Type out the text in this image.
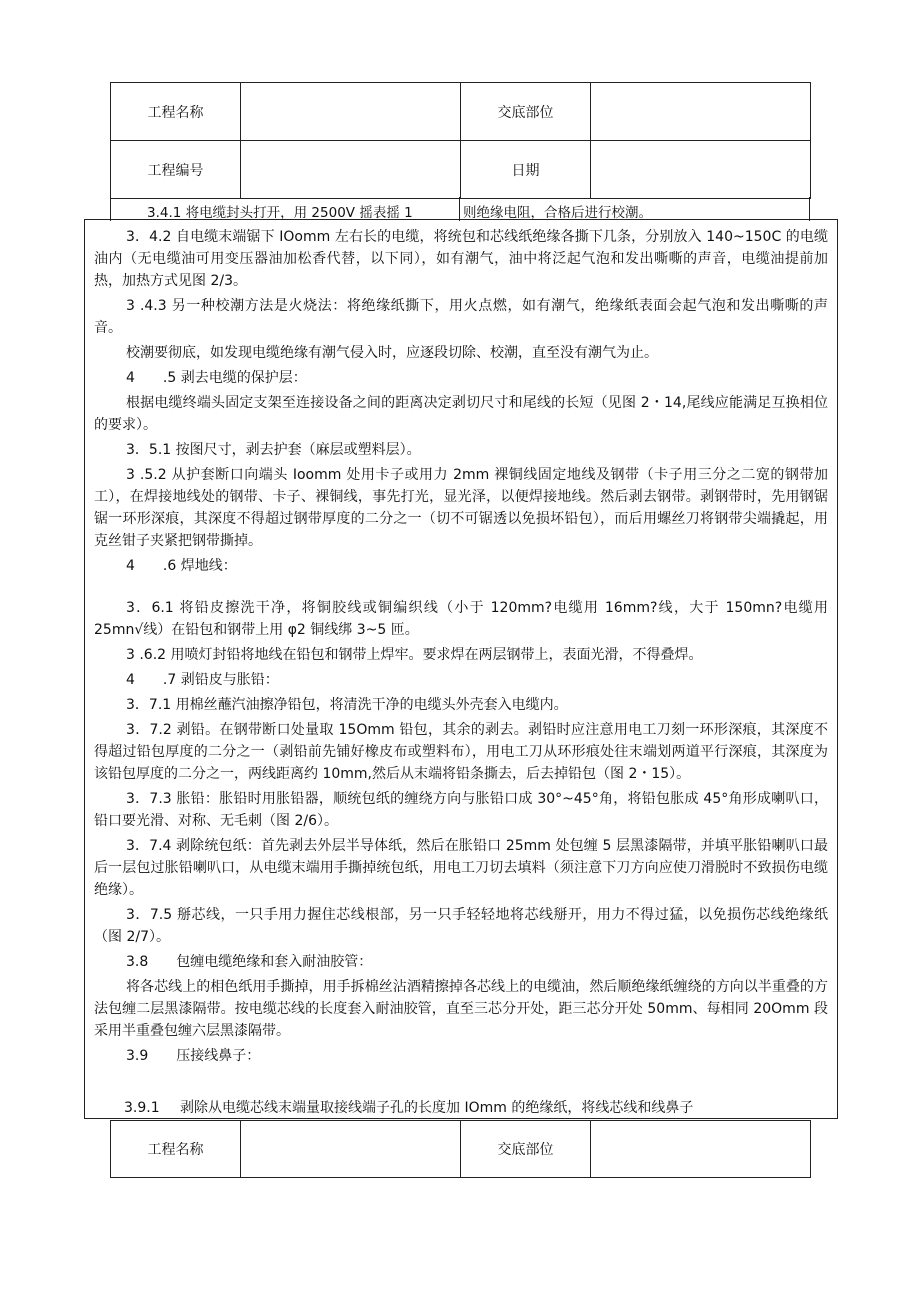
工程名称		交底部位	
工程编号		日期	
3.4.1 将电缆封头打开，用 2500V 摇表摇 1	则绝缘电阻，合格后进行校潮。

3．4.2 自电缆末端锯下 IOomm 左右长的电缆，将统包和芯线纸绝缘各撕下几条，分别放入 140~150C 的电缆油内（无电缆油可用变压器油加松香代替，以下同），如有潮气，油中将泛起气泡和发出嘶嘶的声音，电缆油提前加热，加热方式见图 2/3。

3 .4.3 另一种校潮方法是火烧法：将绝缘纸撕下，用火点燃，如有潮气，绝缘纸表面会起气泡和发出嘶嘶的声音。

校潮要彻底，如发现电缆绝缘有潮气侵入时，应逐段切除、校潮，直至没有潮气为止。

4　　.5 剥去电缆的保护层：

根据电缆终端头固定支架至连接设备之间的距离决定剥切尺寸和尾线的长短（见图 2・14,尾线应能满足互换相位的要求）。

3．5.1 按图尺寸，剥去护套（麻层或塑料层）。

3 .5.2 从护套断口向端头 Ioomm 处用卡子或用力 2mm 裸铜线固定地线及钢带（卡子用三分之二宽的钢带加工），在焊接地线处的钢带、卡子、裸铜线，事先打光，显光泽，以便焊接地线。然后剥去钢带。剥钢带时，先用钢锯锯一环形深痕，其深度不得超过钢带厚度的二分之一（切不可锯透以免损坏铅包），而后用螺丝刀将钢带尖端撬起，用克丝钳子夹紧把钢带撕掉。

4　　.6 焊地线：

3．6.1 将铅皮擦洗干净，将铜胶线或铜编织线（小于 120mm?电缆用 16mm?线，大于 150mn?电缆用 25mn√线）在铅包和钢带上用 φ2 铜线绑 3~5 匝。

3 .6.2 用喷灯封铅将地线在铅包和钢带上焊牢。要求焊在两层钢带上，表面光滑，不得叠焊。

4　　.7 剥铅皮与胀铅：

3．7.1 用棉丝蘸汽油擦净铅包，将清洗干净的电缆头外壳套入电缆内。

3．7.2 剥铅。在钢带断口处量取 15Omm 铅包，其余的剥去。剥铅时应注意用电工刀刻一环形深痕，其深度不得超过铅包厚度的二分之一（剥铅前先铺好橡皮布或塑料布），用电工刀从环形痕处往末端划两道平行深痕，其深度为该铅包厚度的二分之一，两线距离约 10mm,然后从末端将铅条撕去，后去掉铅包（图 2・15）。

3．7.3 胀铅：胀铅时用胀铅器，顺统包纸的缠绕方向与胀铅口成 30°~45°角，将铅包胀成 45°角形成喇叭口，铅口要光滑、对称、无毛刺（图 2/6）。

3．7.4 剥除统包纸：首先剥去外层半导体纸，然后在胀铅口 25mm 处包缠 5 层黑漆隔带，并填平胀铅喇叭口最后一层包过胀铅喇叭口，从电缆末端用手撕掉统包纸，用电工刀切去填料（须注意下刀方向应使刀滑脱时不致损伤电缆绝缘）。

3．7.5 掰芯线，一只手用力握住芯线根部，另一只手轻轻地将芯线掰开，用力不得过猛，以免损伤芯线绝缘纸（图 2/7）。

3.8　　包缠电缆绝缘和套入耐油胶管：

将各芯线上的相色纸用手撕掉，用手拆棉丝沾酒精擦掉各芯线上的电缆油，然后顺绝缘纸缠绕的方向以半重叠的方法包缠二层黑漆隔带。按电缆芯线的长度套入耐油胶管，直至三芯分开处，距三芯分开处 50mm、每相同 20Omm 段采用半重叠包缠六层黑漆隔带。

3.9　　压接线鼻子：

3.9.1 剥除从电缆芯线末端量取接线端子孔的长度加 IOmm 的绝缘纸，将线芯线和线鼻子
工程名称		交底部位	
